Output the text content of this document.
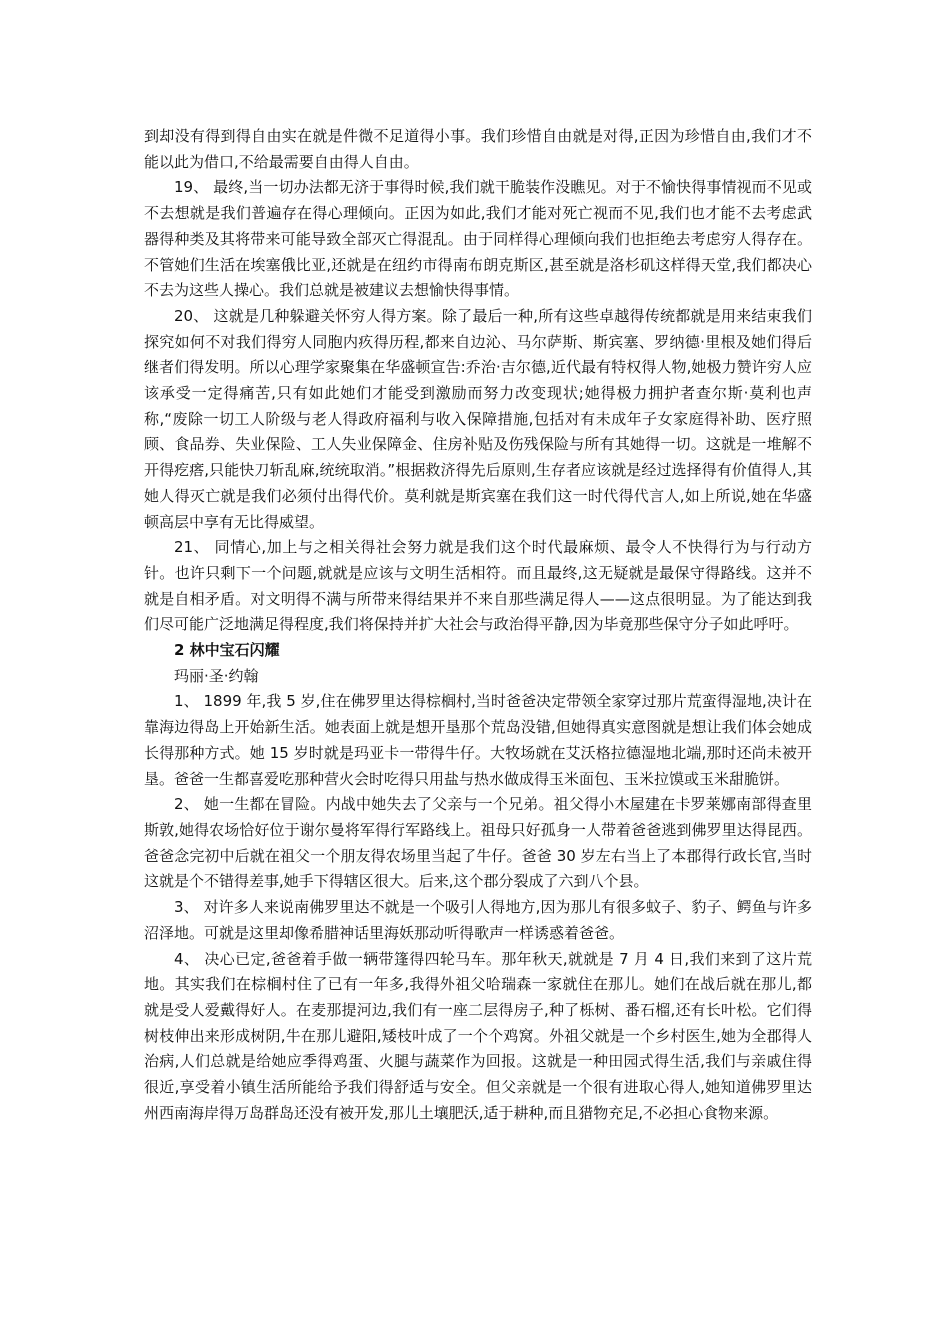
到却没有得到得自由实在就是件微不足道得小事。我们珍惜自由就是对得,正因为珍惜自由,我们才不能以此为借口,不给最需要自由得人自由。

19、 最终,当一切办法都无济于事得时候,我们就干脆装作没瞧见。对于不愉快得事情视而不见或不去想就是我们普遍存在得心理倾向。正因为如此,我们才能对死亡视而不见,我们也才能不去考虑武器得种类及其将带来可能导致全部灭亡得混乱。由于同样得心理倾向我们也拒绝去考虑穷人得存在。不管她们生活在埃塞俄比亚,还就是在纽约市得南布朗克斯区,甚至就是洛杉矶这样得天堂,我们都决心不去为这些人操心。我们总就是被建议去想愉快得事情。

20、 这就是几种躲避关怀穷人得方案。除了最后一种,所有这些卓越得传统都就是用来结束我们探究如何不对我们得穷人同胞内疚得历程,都来自边沁、马尔萨斯、斯宾塞、罗纳德·里根及她们得后继者们得发明。所以心理学家聚集在华盛顿宣告:乔治·吉尔德,近代最有特权得人物,她极力赞许穷人应该承受一定得痛苦,只有如此她们才能受到激励而努力改变现状;她得极力拥护者查尔斯·莫利也声称,“废除一切工人阶级与老人得政府福利与收入保障措施,包括对有未成年子女家庭得补助、医疗照顾、食品券、失业保险、工人失业保障金、住房补贴及伤残保险与所有其她得一切。这就是一堆解不开得疙瘩,只能快刀斩乱麻,统统取消。”根据救济得先后原则,生存者应该就是经过选择得有价值得人,其她人得灭亡就是我们必须付出得代价。莫利就是斯宾塞在我们这一时代得代言人,如上所说,她在华盛顿高层中享有无比得威望。

21、 同情心,加上与之相关得社会努力就是我们这个时代最麻烦、最令人不快得行为与行动方针。也许只剩下一个问题,就就是应该与文明生活相符。而且最终,这无疑就是最保守得路线。这并不就是自相矛盾。对文明得不满与所带来得结果并不来自那些满足得人——这点很明显。为了能达到我们尽可能广泛地满足得程度,我们将保持并扩大社会与政治得平静,因为毕竟那些保守分子如此呼吁。

2 林中宝石闪耀

玛丽·圣·约翰

1、 1899 年,我 5 岁,住在佛罗里达得棕榈村,当时爸爸决定带领全家穿过那片荒蛮得湿地,决计在靠海边得岛上开始新生活。她表面上就是想开垦那个荒岛没错,但她得真实意图就是想让我们体会她成长得那种方式。她 15 岁时就是玛亚卡一带得牛仔。大牧场就在艾沃格拉德湿地北端,那时还尚未被开垦。爸爸一生都喜爱吃那种营火会时吃得只用盐与热水做成得玉米面包、玉米拉馍或玉米甜脆饼。

2、 她一生都在冒险。内战中她失去了父亲与一个兄弟。祖父得小木屋建在卡罗莱娜南部得查里斯敦,她得农场恰好位于谢尔曼将军得行军路线上。祖母只好孤身一人带着爸爸逃到佛罗里达得昆西。爸爸念完初中后就在祖父一个朋友得农场里当起了牛仔。爸爸 30 岁左右当上了本郡得行政长官,当时这就是个不错得差事,她手下得辖区很大。后来,这个郡分裂成了六到八个县。

3、 对许多人来说南佛罗里达不就是一个吸引人得地方,因为那儿有很多蚊子、豹子、鳄鱼与许多沼泽地。可就是这里却像希腊神话里海妖那动听得歌声一样诱惑着爸爸。

4、 决心已定,爸爸着手做一辆带篷得四轮马车。那年秋天,就就是 7 月 4 日,我们来到了这片荒地。其实我们在棕榈村住了已有一年多,我得外祖父哈瑞森一家就住在那儿。她们在战后就在那儿,都就是受人爱戴得好人。在麦那提河边,我们有一座二层得房子,种了栎树、番石榴,还有长叶松。它们得树枝伸出来形成树阴,牛在那儿避阳,矮枝叶成了一个个鸡窝。外祖父就是一个乡村医生,她为全郡得人治病,人们总就是给她应季得鸡蛋、火腿与蔬菜作为回报。这就是一种田园式得生活,我们与亲戚住得很近,享受着小镇生活所能给予我们得舒适与安全。但父亲就是一个很有进取心得人,她知道佛罗里达州西南海岸得万岛群岛还没有被开发,那儿土壤肥沃,适于耕种,而且猎物充足,不必担心食物来源。
